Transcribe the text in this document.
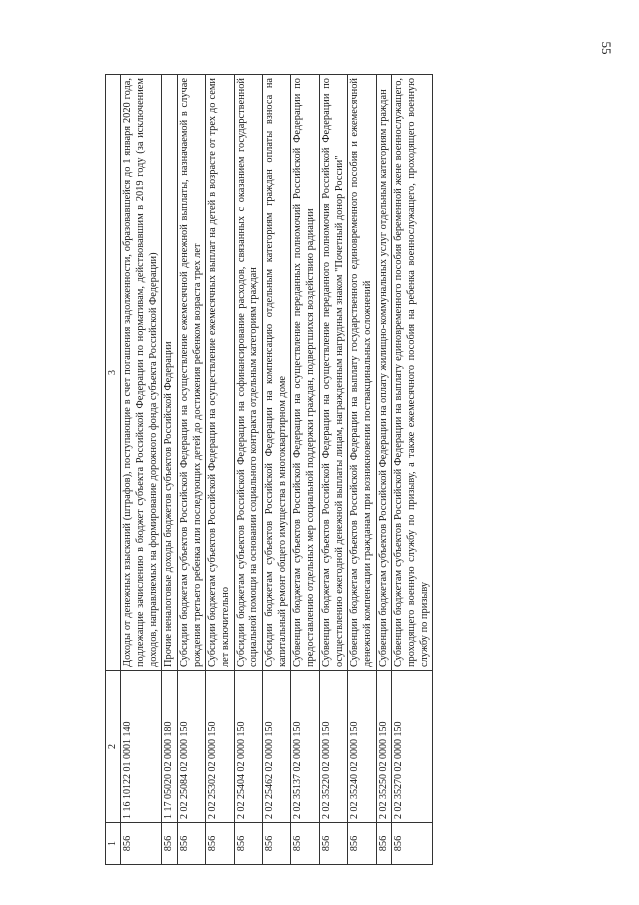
55
1	2	3
856	1 16 10122 01 0001 140	Доходы от денежных взысканий (штрафов), поступающие в счет погашения задолженности, образовавшейся до 1 января 2020 года, подлежащие зачислению в бюджет субъекта Российской Федерации по нормативам, действовавшим в 2019 году (за исключением доходов, направляемых на формирование дорожного фонда субъекта Российской Федерации)
856	1 17 05020 02 0000 180	Прочие неналоговые доходы бюджетов субъектов Российской Федерации
856	2 02 25084 02 0000 150	Субсидии бюджетам субъектов Российской Федерации на осуществление ежемесячной денежной выплаты, назначаемой в случае рождения третьего ребенка или последующих детей до достижения ребенком возраста трех лет
856	2 02 25302 02 0000 150	Субсидии бюджетам субъектов Российской Федерации на осуществление ежемесячных выплат на детей в возрасте от трех до семи лет включительно
856	2 02 25404 02 0000 150	Субсидии бюджетам субъектов Российской Федерации на софинансирование расходов, связанных с оказанием государственной социальной помощи на основании социального контракта отдельным категориям граждан
856	2 02 25462 02 0000 150	Субсидии бюджетам субъектов Российской Федерации на компенсацию отдельным категориям граждан оплаты взноса на капитальный ремонт общего имущества в многоквартирном доме
856	2 02 35137 02 0000 150	Субвенции бюджетам субъектов Российской Федерации на осуществление переданных полномочий Российской Федерации по предоставлению отдельных мер социальной поддержки граждан, подвергшихся воздействию радиации
856	2 02 35220 02 0000 150	Субвенции бюджетам субъектов Российской Федерации на осуществление переданного полномочия Российской Федерации по осуществлению ежегодной денежной выплаты лицам, награжденным нагрудным знаком "Почетный донор России"
856	2 02 35240 02 0000 150	Субвенции бюджетам субъектов Российской Федерации на выплату государственного единовременного пособия и ежемесячной денежной компенсации гражданам при возникновении поствакцинальных осложнений
856	2 02 35250 02 0000 150	Субвенции бюджетам субъектов Российской Федерации на оплату жилищно-коммунальных услуг отдельным категориям граждан
856	2 02 35270 02 0000 150	Субвенции бюджетам субъектов Российской Федерации на выплату единовременного пособия беременной жене военнослужащего, проходящего военную службу по призыву, а также ежемесячного пособия на ребенка военнослужащего, проходящего военную службу по призыву
